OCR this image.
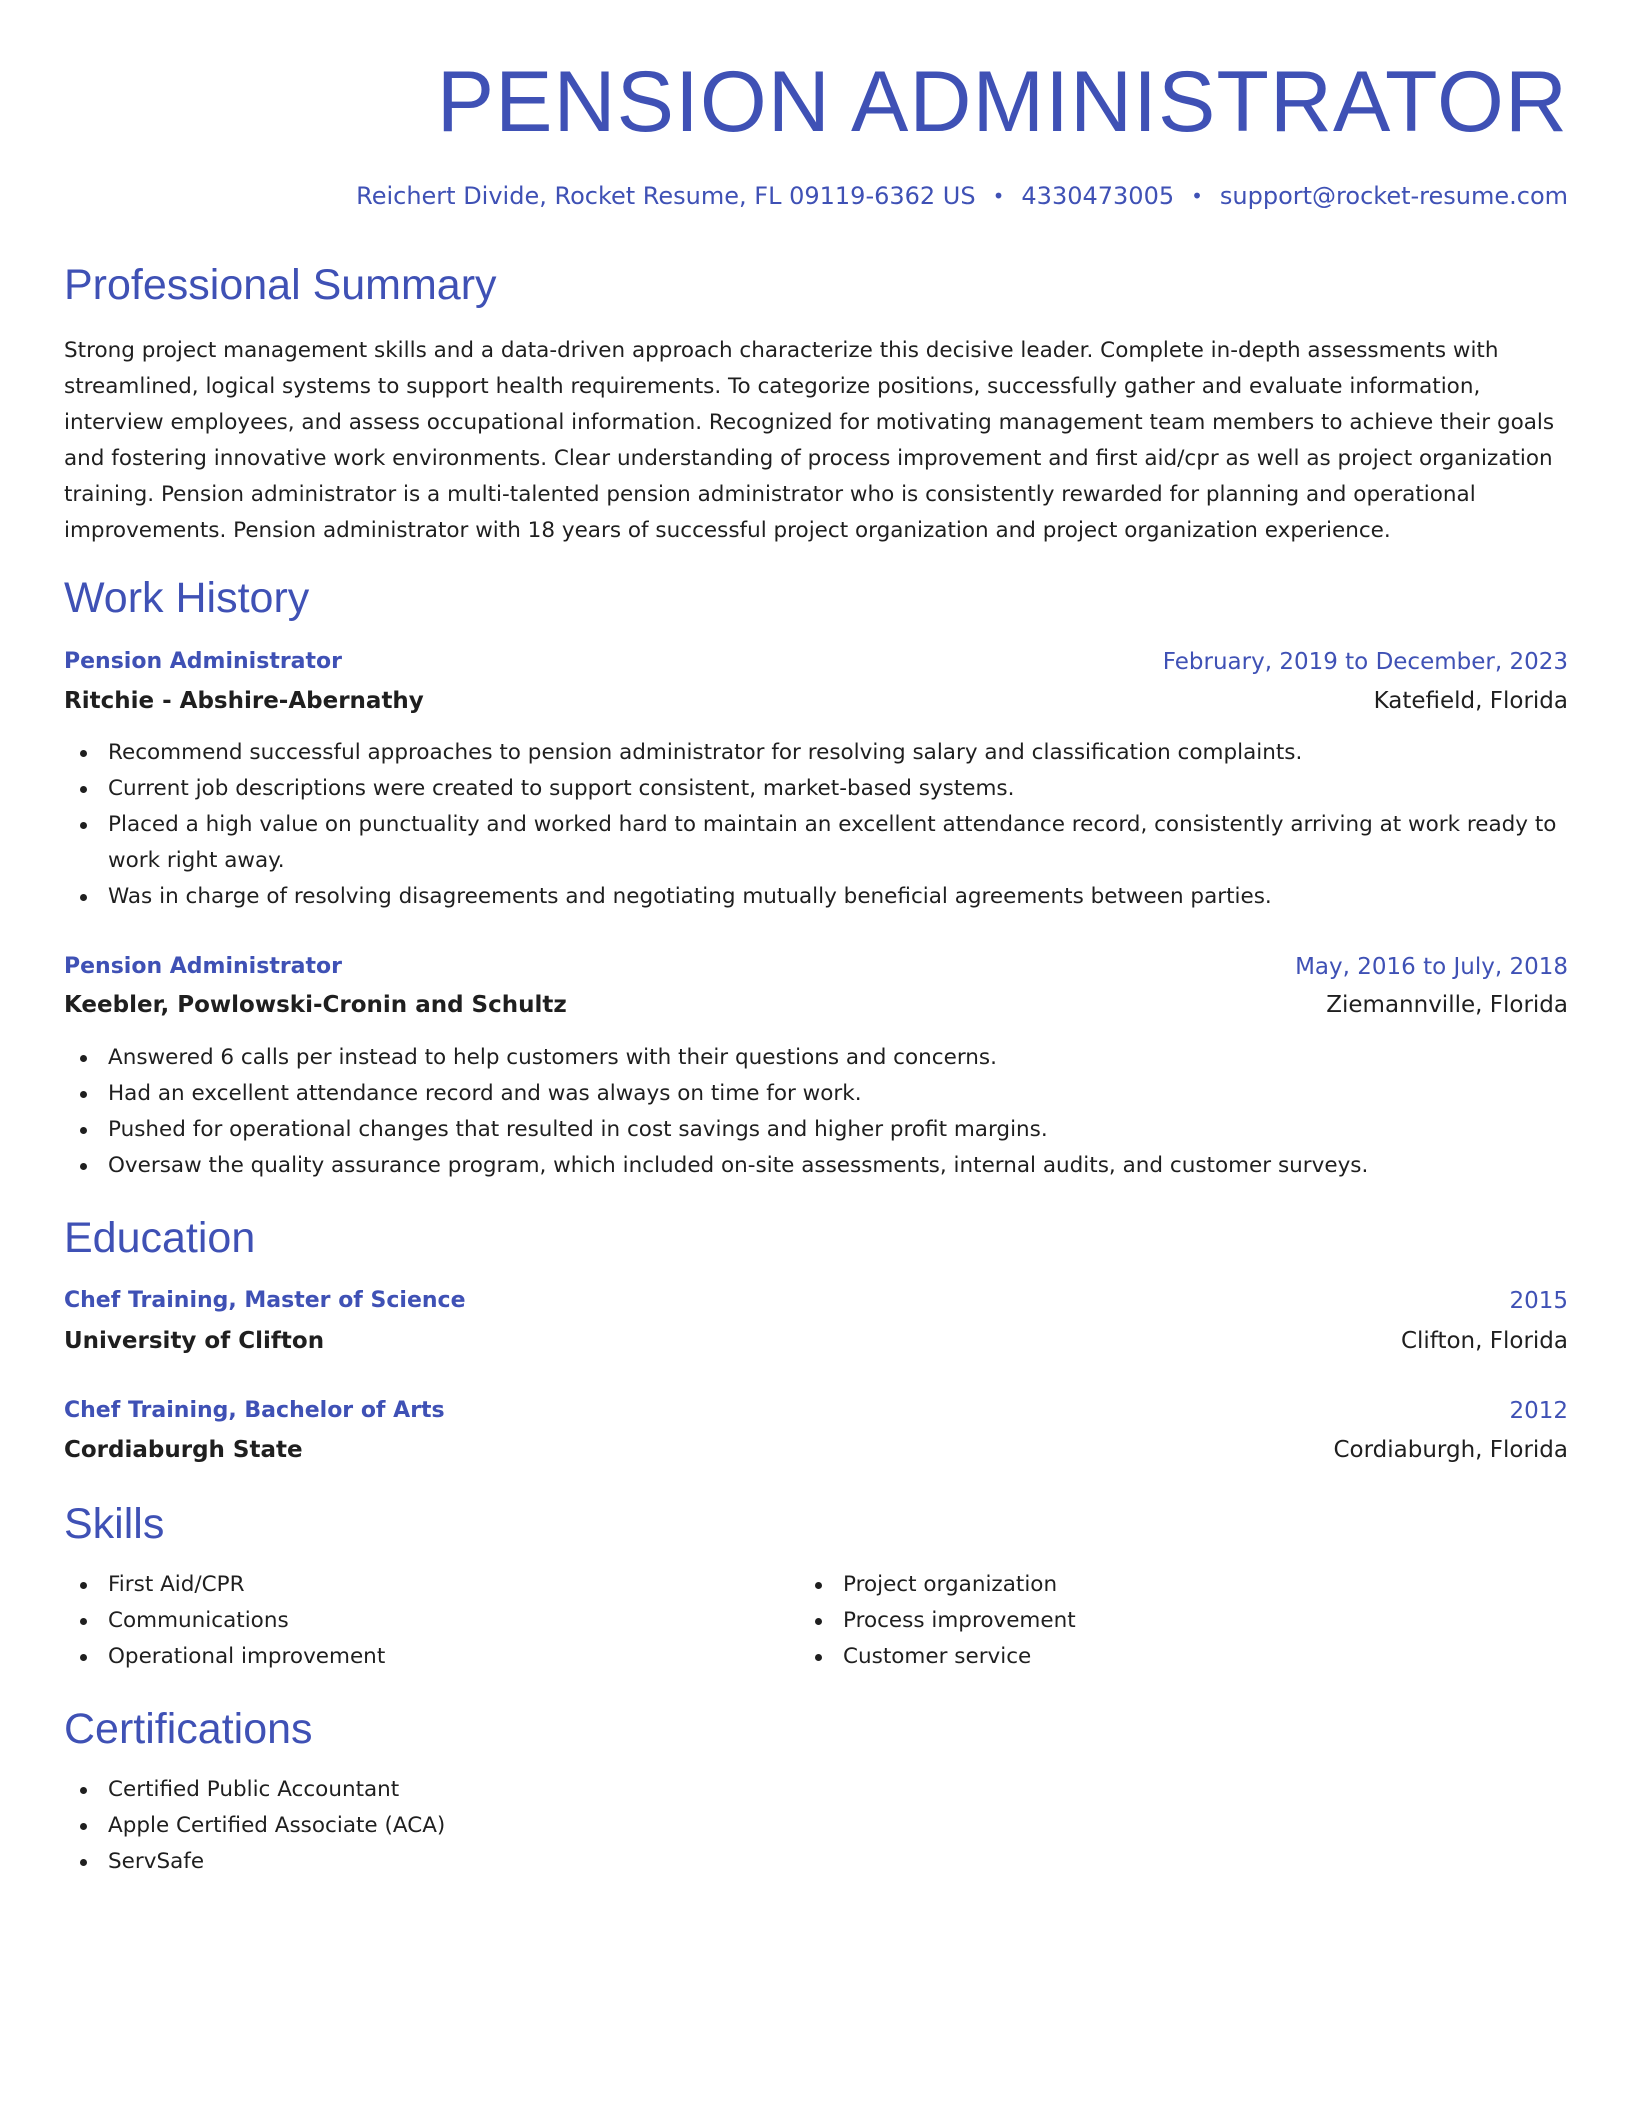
PENSION ADMINISTRATOR
Reichert Divide, Rocket Resume, FL 09119-6362 US • 4330473005 • support@rocket-resume.com
Professional Summary

Strong project management skills and a data-driven approach characterize this decisive leader. Complete in-depth assessments with streamlined, logical systems to support health requirements. To categorize positions, successfully gather and evaluate information, interview employees, and assess occupational information. Recognized for motivating management team members to achieve their goals and fostering innovative work environments. Clear understanding of process improvement and first aid/cpr as well as project organization training. Pension administrator is a multi-talented pension administrator who is consistently rewarded for planning and operational improvements. Pension administrator with 18 years of successful project organization and project organization experience.

Work History
Pension Administrator	February, 2019 to December, 2023
Ritchie - Abshire-Abernathy	Katefield, Florida
Recommend successful approaches to pension administrator for resolving salary and classification complaints.
Current job descriptions were created to support consistent, market-based systems.
Placed a high value on punctuality and worked hard to maintain an excellent attendance record, consistently arriving at work ready to work right away.
Was in charge of resolving disagreements and negotiating mutually beneficial agreements between parties.
Pension Administrator	May, 2016 to July, 2018
Keebler, Powlowski-Cronin and Schultz	Ziemannville, Florida
Answered 6 calls per instead to help customers with their questions and concerns.
Had an excellent attendance record and was always on time for work.
Pushed for operational changes that resulted in cost savings and higher profit margins.
Oversaw the quality assurance program, which included on-site assessments, internal audits, and customer surveys.
Education
Chef Training, Master of Science	2015
University of Clifton	Clifton, Florida
Chef Training, Bachelor of Arts	2012
Cordiaburgh State	Cordiaburgh, Florida
Skills
First Aid/CPR
Communications
Operational improvement
Project organization
Process improvement
Customer service
Certifications
Certified Public Accountant
Apple Certified Associate (ACA)
ServSafe
